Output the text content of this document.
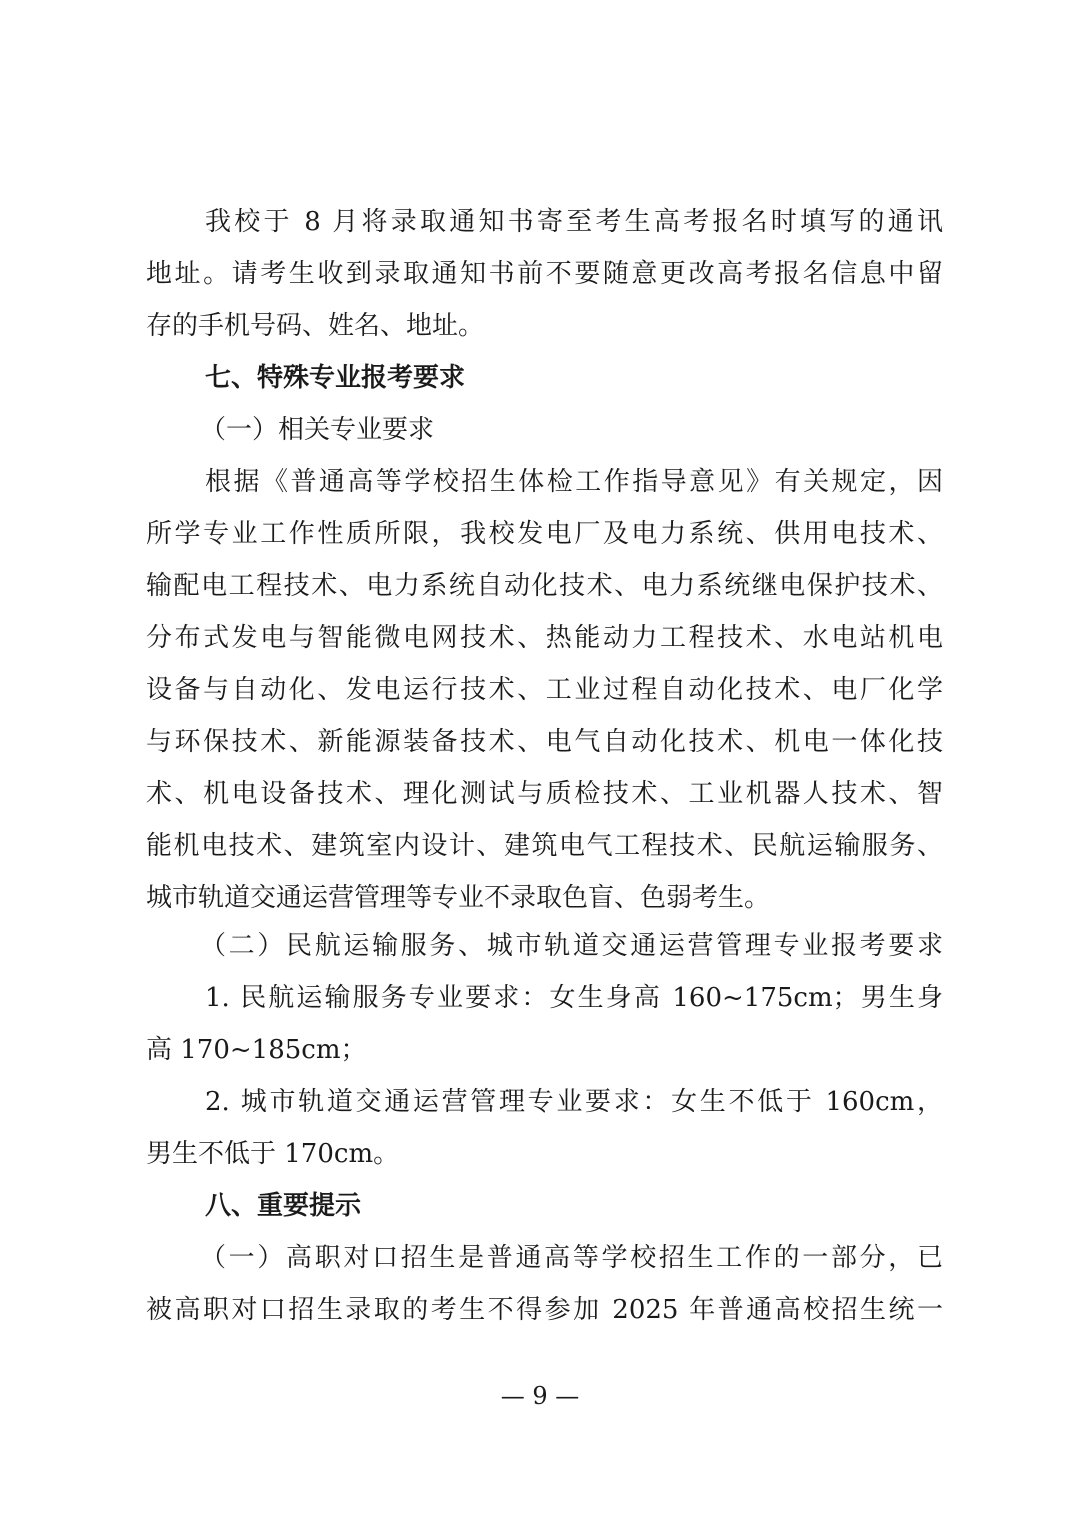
我校于 8 月将录取通知书寄至考生高考报名时填写的通讯
地址。请考生收到录取通知书前不要随意更改高考报名信息中留
存的手机号码、姓名、地址。
七、特殊专业报考要求
（一）相关专业要求
根据《普通高等学校招生体检工作指导意见》有关规定，因
所学专业工作性质所限，我校发电厂及电力系统、供用电技术、
输配电工程技术、电力系统自动化技术、电力系统继电保护技术、
分布式发电与智能微电网技术、热能动力工程技术、水电站机电
设备与自动化、发电运行技术、工业过程自动化技术、电厂化学
与环保技术、新能源装备技术、电气自动化技术、机电一体化技
术、机电设备技术、理化测试与质检技术、工业机器人技术、智
能机电技术、建筑室内设计、建筑电气工程技术、民航运输服务、
城市轨道交通运营管理等专业不录取色盲、色弱考生。
（二）民航运输服务、城市轨道交通运营管理专业报考要求
1. 民航运输服务专业要求：女生身高 160~175cm；男生身
高 170~185cm；
2. 城市轨道交通运营管理专业要求：女生不低于 160cm，
男生不低于 170cm。
八、重要提示
（一）高职对口招生是普通高等学校招生工作的一部分，已
被高职对口招生录取的考生不得参加 2025 年普通高校招生统一
— 9 —
